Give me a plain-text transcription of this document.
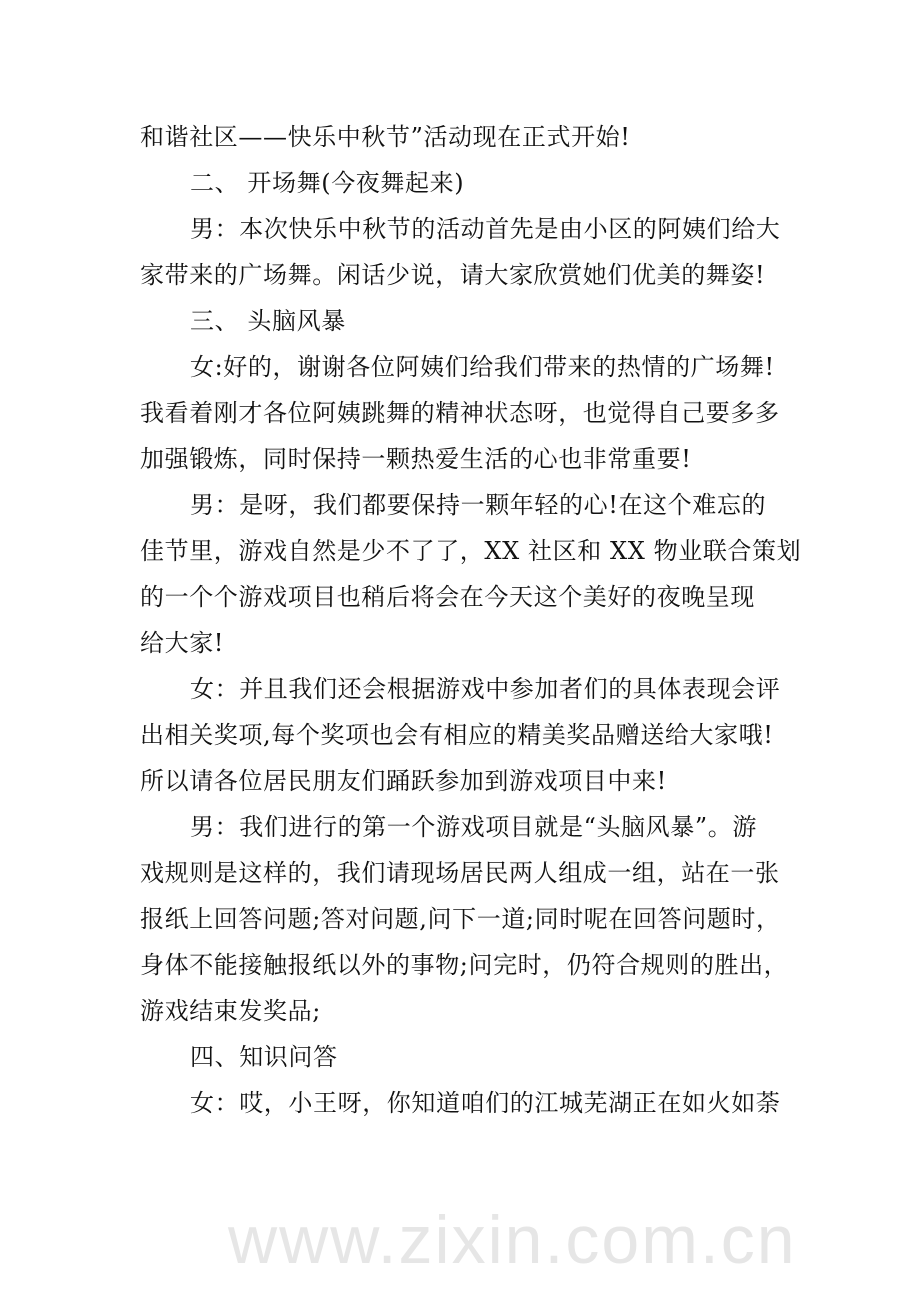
www.zixin.com.cn
和谐社区——快乐中秋节”活动现在正式开始!
二、 开场舞(今夜舞起来)
男：本次快乐中秋节的活动首先是由小区的阿姨们给大
家带来的广场舞。闲话少说，请大家欣赏她们优美的舞姿!
三、 头脑风暴
女:好的，谢谢各位阿姨们给我们带来的热情的广场舞!
我看着刚才各位阿姨跳舞的精神状态呀，也觉得自己要多多
加强锻炼，同时保持一颗热爱生活的心也非常重要!
男：是呀，我们都要保持一颗年轻的心!在这个难忘的
佳节里，游戏自然是少不了了，XX 社区和 XX 物业联合策划
的一个个游戏项目也稍后将会在今天这个美好的夜晚呈现
给大家!
女：并且我们还会根据游戏中参加者们的具体表现会评
出相关奖项,每个奖项也会有相应的精美奖品赠送给大家哦!
所以请各位居民朋友们踊跃参加到游戏项目中来!
男：我们进行的第一个游戏项目就是“头脑风暴”。游
戏规则是这样的，我们请现场居民两人组成一组，站在一张
报纸上回答问题;答对问题,问下一道;同时呢在回答问题时，
身体不能接触报纸以外的事物;问完时，仍符合规则的胜出，
游戏结束发奖品;
四、知识问答
女：哎，小王呀，你知道咱们的江城芜湖正在如火如荼
